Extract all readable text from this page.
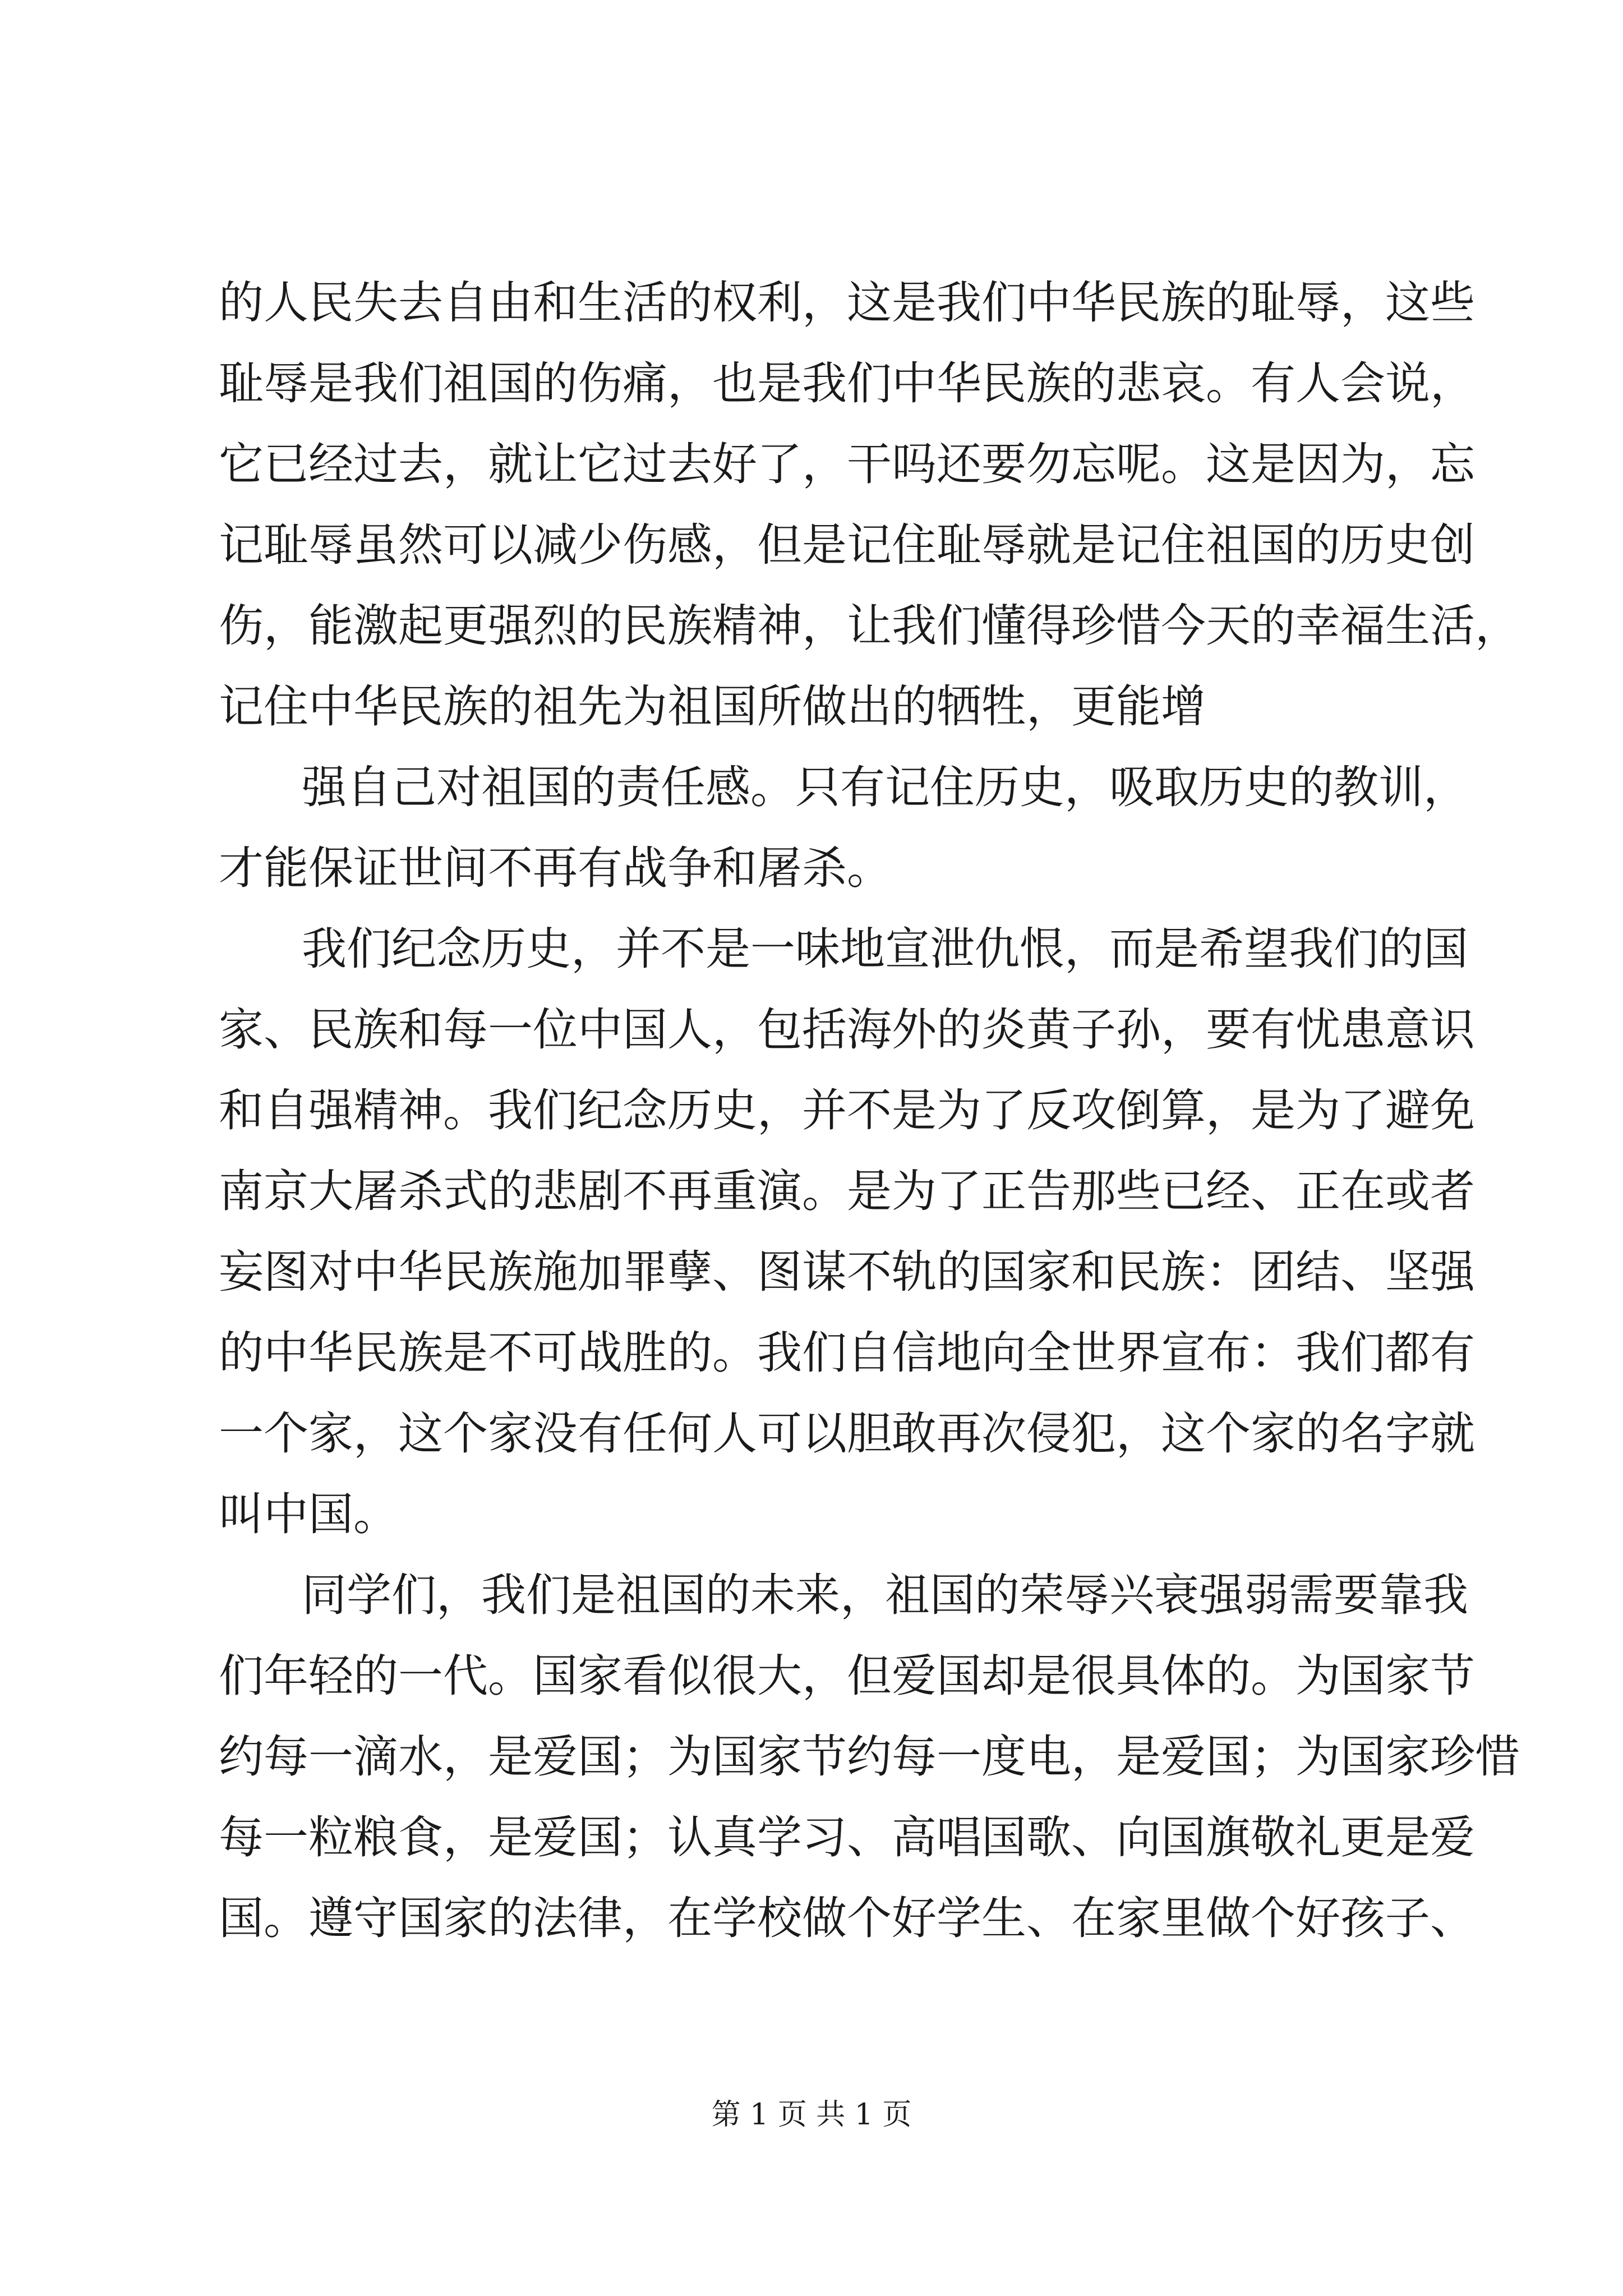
的人民失去自由和生活的权利，这是我们中华民族的耻辱，这些
耻辱是我们祖国的伤痛，也是我们中华民族的悲哀。有人会说，
它已经过去，就让它过去好了，干吗还要勿忘呢。这是因为，忘
记耻辱虽然可以减少伤感，但是记住耻辱就是记住祖国的历史创
伤，能激起更强烈的民族精神，让我们懂得珍惜今天的幸福生活，
记住中华民族的祖先为祖国所做出的牺牲，更能增
强自己对祖国的责任感。只有记住历史，吸取历史的教训，
才能保证世间不再有战争和屠杀。
我们纪念历史，并不是一味地宣泄仇恨，而是希望我们的国
家、民族和每一位中国人，包括海外的炎黄子孙，要有忧患意识
和自强精神。我们纪念历史，并不是为了反攻倒算，是为了避免
南京大屠杀式的悲剧不再重演。是为了正告那些已经、正在或者
妄图对中华民族施加罪孽、图谋不轨的国家和民族：团结、坚强
的中华民族是不可战胜的。我们自信地向全世界宣布：我们都有
一个家，这个家没有任何人可以胆敢再次侵犯，这个家的名字就
叫中国。
同学们，我们是祖国的未来，祖国的荣辱兴衰强弱需要靠我
们年轻的一代。国家看似很大，但爱国却是很具体的。为国家节
约每一滴水，是爱国；为国家节约每一度电，是爱国；为国家珍惜
每一粒粮食，是爱国；认真学习、高唱国歌、向国旗敬礼更是爱
国。遵守国家的法律，在学校做个好学生、在家里做个好孩子、
第 1 页 共 1 页
